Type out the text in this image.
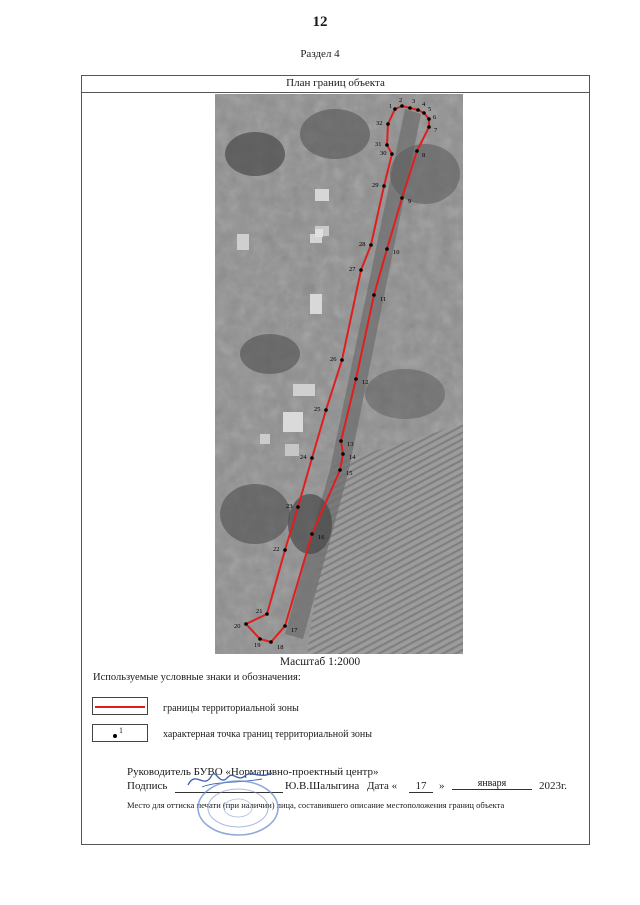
12
Раздел 4
План границ объекта
1
2 3 4
5
6
7
8
9
10
11
12
13
14
15
16
17
18
19
20
21
22
23
24
25
26
27
28
29
30
31
32
Масштаб 1:2000
Используемые условные знаки и обозначения:
границы территориальной зоны
1	характерная точка границ территориальной зоны
Руководитель БУВО «Нормативно-проектный центр»
Подпись
	Ю.В.Шалыгина Дата «	17	»	января	2023г.
Место для оттиска печати (при наличии) лица, составившего описание местоположения границ объекта
